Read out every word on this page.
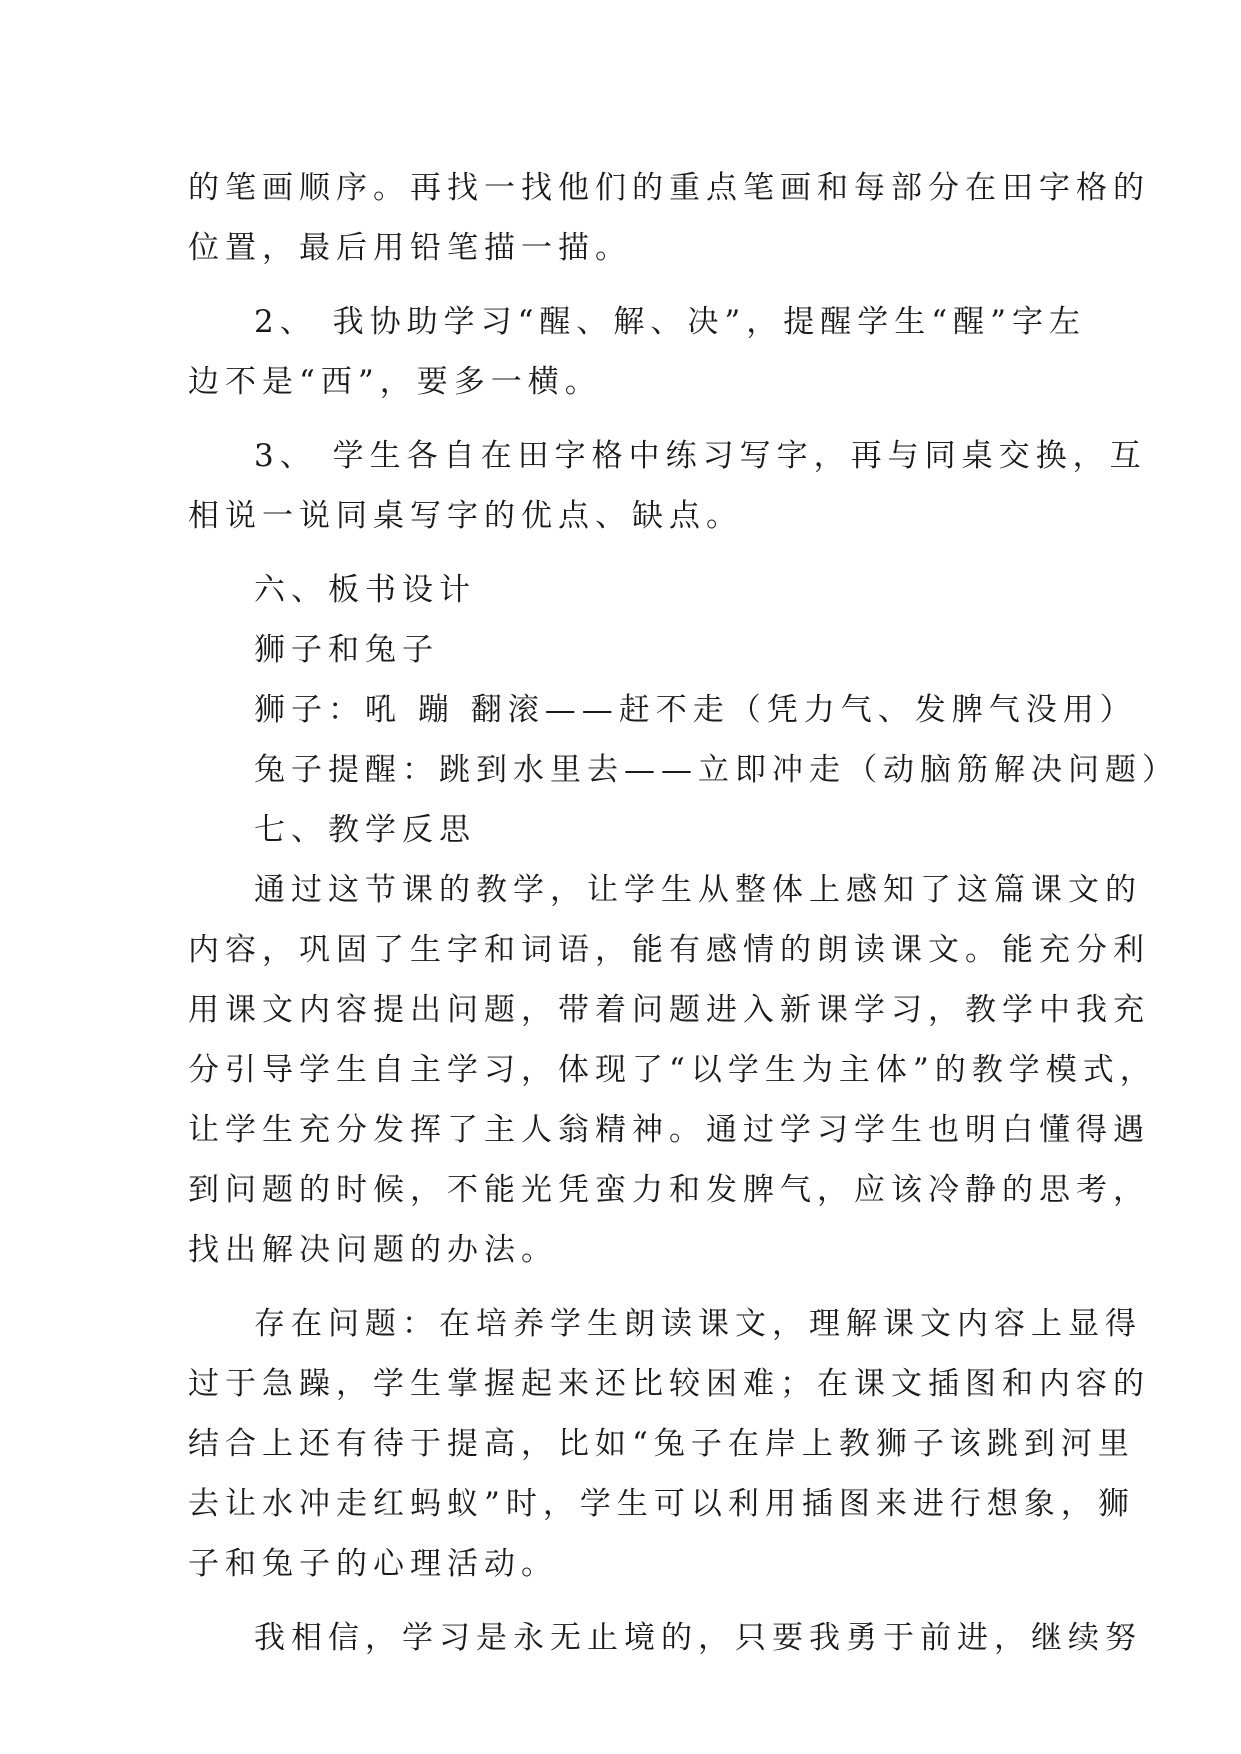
的笔画顺序。再找一找他们的重点笔画和每部分在田字格的
位置，最后用铅笔描一描。
2、 我协助学习“醒、解、决”，提醒学生“醒”字左
边不是“西”，要多一横。
3、 学生各自在田字格中练习写字，再与同桌交换，互
相说一说同桌写字的优点、缺点。
六、板书设计
狮子和兔子
狮子：吼 蹦 翻滚——赶不走（凭力气、发脾气没用）
兔子提醒：跳到水里去——立即冲走（动脑筋解决问题）
七、教学反思
通过这节课的教学，让学生从整体上感知了这篇课文的
内容，巩固了生字和词语，能有感情的朗读课文。能充分利
用课文内容提出问题，带着问题进入新课学习，教学中我充
分引导学生自主学习，体现了“以学生为主体”的教学模式，
让学生充分发挥了主人翁精神。通过学习学生也明白懂得遇
到问题的时候，不能光凭蛮力和发脾气，应该冷静的思考，
找出解决问题的办法。
存在问题：在培养学生朗读课文，理解课文内容上显得
过于急躁，学生掌握起来还比较困难；在课文插图和内容的
结合上还有待于提高，比如“兔子在岸上教狮子该跳到河里
去让水冲走红蚂蚁”时，学生可以利用插图来进行想象，狮
子和兔子的心理活动。
我相信，学习是永无止境的，只要我勇于前进，继续努
